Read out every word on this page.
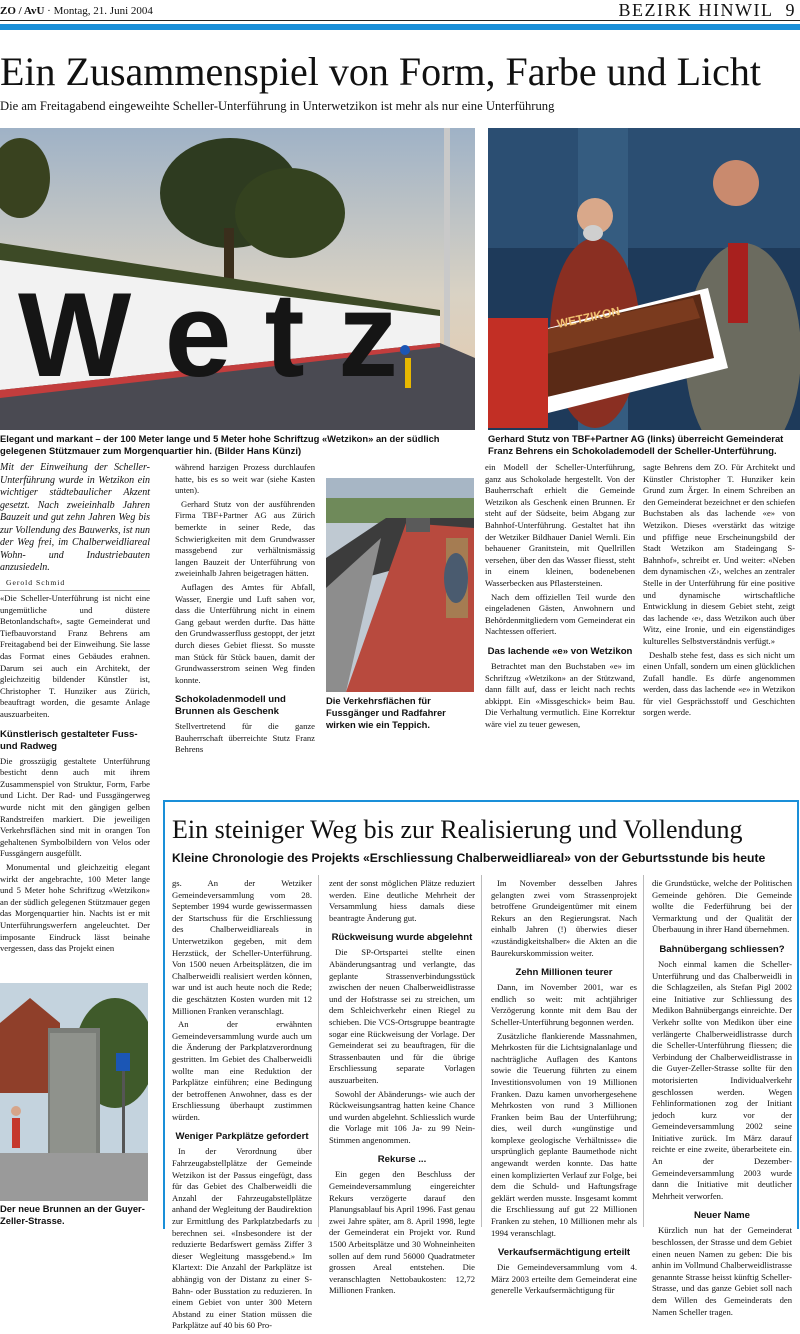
ZO / AvU · Montag, 21. Juni 2004	BEZIRK HINWIL 9
Ein Zusammenspiel von Form, Farbe und Licht
Die am Freitagabend eingeweihte Scheller-Unterführung in Unterwetzikon ist mehr als nur eine Unterführung
W e t z
Elegant und markant – der 100 Meter lange und 5 Meter hohe Schriftzug «Wetzikon» an der südlich gelegenen Stützmauer zum Morgenquartier hin. (Bilder Hans Künzi)
WETZIKON
Gerhard Stutz von TBF+Partner AG (links) überreicht Gemeinderat Franz Behrens ein Schokolademodell der Scheller-Unterführung.

Mit der Einweihung der Scheller-Unterführung wurde in Wetzikon ein wichtiger städtebaulicher Akzent gesetzt. Nach zweieinhalb Jahren Bauzeit und gut zehn Jahren Weg bis zur Vollendung des Bauwerks, ist nun der Weg frei, im Chalberweidliareal Wohn- und Industriebauten anzusiedeln.

Gerold Schmid

«Die Scheller-Unterführung ist nicht eine ungemütliche und düstere Betonlandschaft», sagte Gemeinderat und Tiefbauvorstand Franz Behrens am Freitagabend bei der Einweihung. Sie lasse das Format eines Gebäudes erahnen. Darum sei auch ein Architekt, der gleichzeitig bildender Künstler ist, Christopher T. Hunziker aus Zürich, beauftragt worden, die gesamte Anlage auszuarbeiten.

Künstlerisch gestalteter Fuss- und Radweg

Die grosszügig gestaltete Unterführung besticht denn auch mit ihrem Zusammenspiel von Struktur, Form, Farbe und Licht. Der Rad- und Fussgängerweg wurde nicht mit den gängigen gelben Randstreifen markiert. Die jeweiligen Verkehrsflächen sind mit in orangen Ton gehaltenen Symbolbildern von Velos oder Fussgängern ausgefüllt.

Monumental und gleichzeitig elegant wirkt der angebrachte, 100 Meter lange und 5 Meter hohe Schriftzug «Wetzikon» an der südlich gelegenen Stützmauer gegen das Morgenquartier hin. Nachts ist er mit Unterführungswerfern angeleuchtet. Der imposante Eindruck lässt beinahe vergessen, dass das Projekt einen

während harzigen Prozess durchlaufen hatte, bis es so weit war (siehe Kasten unten).

Gerhard Stutz von der ausführenden Firma TBF+Partner AG aus Zürich bemerkte in seiner Rede, das Schwierigkeiten mit dem Grundwasser massgebend zur verhältnismässig langen Bauzeit der Unterführung von zweieinhalb Jahren beigetragen hätten.

Auflagen des Amtes für Abfall, Wasser, Energie und Luft sahen vor, dass die Unterführung nicht in einem Gang gebaut werden durfte. Das hätte den Grundwasserfluss gestoppt, der jetzt durch dieses Gebiet fliesst. So musste man Stück für Stück bauen, damit der Grundwasserstrom seinen Weg finden konnte.

Schokoladenmodell und Brunnen als Geschenk

Stellvertretend für die ganze Bauherrschaft überreichte Stutz Franz Behrens

Die Verkehrsflächen für Fussgänger und Radfahrer wirken wie ein Teppich.

ein Modell der Scheller-Unterführung, ganz aus Schokolade hergestellt. Von der Bauherrschaft erhielt die Gemeinde Wetzikon als Geschenk einen Brunnen. Er steht auf der Südseite, beim Abgang zur Bahnhof-Unterführung. Gestaltet hat ihn der Wetziker Bildhauer Daniel Wernli. Ein behauener Granitstein, mit Quellrillen versehen, über den das Wasser fliesst, steht in einem kleinen, bodenebenen Wasserbecken aus Pflastersteinen.

Nach dem offiziellen Teil wurde den eingeladenen Gästen, Anwohnern und Behördenmitgliedern vom Gemeinderat ein Nachtessen offeriert.

Das lachende «e» von Wetzikon

Betrachtet man den Buchstaben «e» im Schriftzug «Wetzikon» an der Stützwand, dann fällt auf, dass er leicht nach rechts abkippt. Ein «Missgeschick» beim Bau. Die Verhaltung vermutlich. Eine Korrektur wäre viel zu teuer gewesen,

sagte Behrens dem ZO. Für Architekt und Künstler Christopher T. Hunziker kein Grund zum Ärger. In einem Schreiben an den Gemeinderat bezeichnet er den schiefen Buchstaben als das lachende «e» von Wetzikon. Dieses «verstärkt das witzige und pfiffige neue Erscheinungsbild der Stadt Wetzikon am Stadeingang S-Bahnhof», schreibt er. Und weiter: «Neben dem dynamischen ‹Z›, welches an zentraler Stelle in der Unterführung für eine positive und dynamische wirtschaftliche Entwicklung in diesem Gebiet steht, zeigt das lachende ‹e›, dass Wetzikon auch über Witz, eine Ironie, und ein eigenständiges kulturelles Selbstverständnis verfügt.»

Deshalb stehe fest, dass es sich nicht um einen Unfall, sondern um einen glücklichen Zufall handle. Es dürfe angenommen werden, dass das lachende «e» in Wetzikon für viel Gesprächsstoff und Geschichten sorgen werde.

Der neue Brunnen an der Guyer-Zeller-Strasse.
Ein steiniger Weg bis zur Realisierung und Vollendung
Kleine Chronologie des Projekts «Erschliessung Chalberweidliareal» von der Geburtsstunde bis heute

gs. An der Wetziker Gemeindeversammlung vom 28. September 1994 wurde gewissermassen der Startschuss für die Erschliessung des Chalberweidliareals in Unterwetzikon gegeben, mit dem Herzstück, der Scheller-Unterführung. Von 1500 neuen Arbeitsplätzen, die im Chalberweidli realisiert werden können, war und ist auch heute noch die Rede; die geschätzten Kosten wurden mit 12 Millionen Franken veranschlagt.

An der erwähnten Gemeindeversammlung wurde auch um die Änderung der Parkplatzverordnung gestritten. Im Gebiet des Chalberweidli wollte man eine Reduktion der Parkplätze einführen; eine Bedingung der betroffenen Anwohner, dass es der Erschliessung überhaupt zustimmen würden.

Weniger Parkplätze gefordert

In der Verordnung über Fahrzeugabstellplätze der Gemeinde Wetzikon ist der Passus eingefügt, dass für das Gebiet des Chalberweidli die Anzahl der Fahrzeugabstellplätze anhand der Wegleitung der Baudirektion zur Ermittlung des Parkplatzbedarfs zu berechnen sei. «Insbesondere ist der reduzierte Bedarfswert gemäss Ziffer 3 dieser Wegleitung massgebend.» Im Klartext: Die Anzahl der Parkplätze ist abhängig von der Distanz zu einer S-Bahn- oder Busstation zu reduzieren. In einem Gebiet von unter 300 Metern Abstand zu einer Station müssen die Parkplätze auf 40 bis 60 Pro-

zent der sonst möglichen Plätze reduziert werden. Eine deutliche Mehrheit der Versammlung hiess damals diese beantragte Änderung gut.

Rückweisung wurde abgelehnt

Die SP-Ortspartei stellte einen Abänderungsantrag und verlangte, das geplante Strassenverbindungsstück zwischen der neuen Chalberweidlistrasse und der Hofstrasse sei zu streichen, um dem Schleichverkehr einen Riegel zu schieben. Die VCS-Ortsgruppe beantragte sogar eine Rückweisung der Vorlage. Der Gemeinderat sei zu beauftragen, für die Strassenbauten und für die übrige Erschliessung separate Vorlagen auszuarbeiten.

Sowohl der Abänderungs- wie auch der Rückweisungsantrag hatten keine Chance und wurden abgelehnt. Schliesslich wurde die Vorlage mit 106 Ja- zu 99 Nein-Stimmen angenommen.

Rekurse ...

Ein gegen den Beschluss der Gemeindeversammlung eingereichter Rekurs verzögerte darauf den Planungsablauf bis April 1996. Fast genau zwei Jahre später, am 8. April 1998, legte der Gemeinderat ein Projekt vor. Rund 1500 Arbeitsplätze und 30 Wohneinheiten sollen auf dem rund 56000 Quadratmeter grossen Areal entstehen. Die veranschlagten Nettobaukosten: 12,72 Millionen Franken.

Im November desselben Jahres gelangten zwei vom Strassenprojekt betroffene Grundeigentümer mit einem Rekurs an den Regierungsrat. Nach einhalb Jahren (!) überwies dieser «zuständigkeitshalber» die Akten an die Baurekurskommission weiter.

Zehn Millionen teurer

Dann, im November 2001, war es endlich so weit: mit achtjähriger Verzögerung konnte mit dem Bau der Scheller-Unterführung begonnen werden.

Zusätzliche flankierende Massnahmen, Mehrkosten für die Lichtsignalanlage und nachträgliche Auflagen des Kantons sowie die Teuerung führten zu einem Investitionsvolumen von 19 Millionen Franken. Dazu kamen unvorhergesehene Mehrkosten von rund 3 Millionen Franken beim Bau der Unterführung; dies, weil durch «ungünstige und komplexe geologische Verhältnisse» die ursprünglich geplante Baumethode nicht angewandt werden konnte. Das hatte einen komplizierten Verlauf zur Folge, bei dem die Schuld- und Haftungsfrage geklärt werden musste. Insgesamt kommt die Erschliessung auf gut 22 Millionen Franken zu stehen, 10 Millionen mehr als 1994 veranschlagt.

Verkaufsermächtigung erteilt

Die Gemeindeversammlung vom 4. März 2003 erteilte dem Gemeinderat eine generelle Verkaufsermächtigung für

die Grundstücke, welche der Politischen Gemeinde gehören. Die Gemeinde wollte die Federführung bei der Vermarktung und der Qualität der Überbauung in ihrer Hand übernehmen.

Bahnübergang schliessen?

Noch einmal kamen die Scheller-Unterführung und das Chalberweidli in die Schlagzeilen, als Stefan Pigl 2002 eine Initiative zur Schliessung des Medikon Bahnübergangs einreichte. Der Verkehr sollte von Medikon über eine verlängerte Chalberweidlistrasse durch die Scheller-Unterführung fliessen; die Verbindung der Chalberweidlistrasse in die Guyer-Zeller-Strasse sollte für den motorisierten Individualverkehr geschlossen werden. Wegen Fehlinformationen zog der Initiant jedoch kurz vor der Gemeindeversammlung 2002 seine Initiative zurück. Im März darauf reichte er eine zweite, überarbeitete ein. An der Dezember-Gemeindeversammlung 2003 wurde dann die Initiative mit deutlicher Mehrheit verworfen.

Neuer Name

Kürzlich nun hat der Gemeinderat beschlossen, der Strasse und dem Gebiet einen neuen Namen zu geben: Die bis anhin im Vollmund Chalberweidlistrasse genannte Strasse heisst künftig Scheller-Strasse, und das ganze Gebiet soll nach dem Willen des Gemeinderats den Namen Scheller tragen.
